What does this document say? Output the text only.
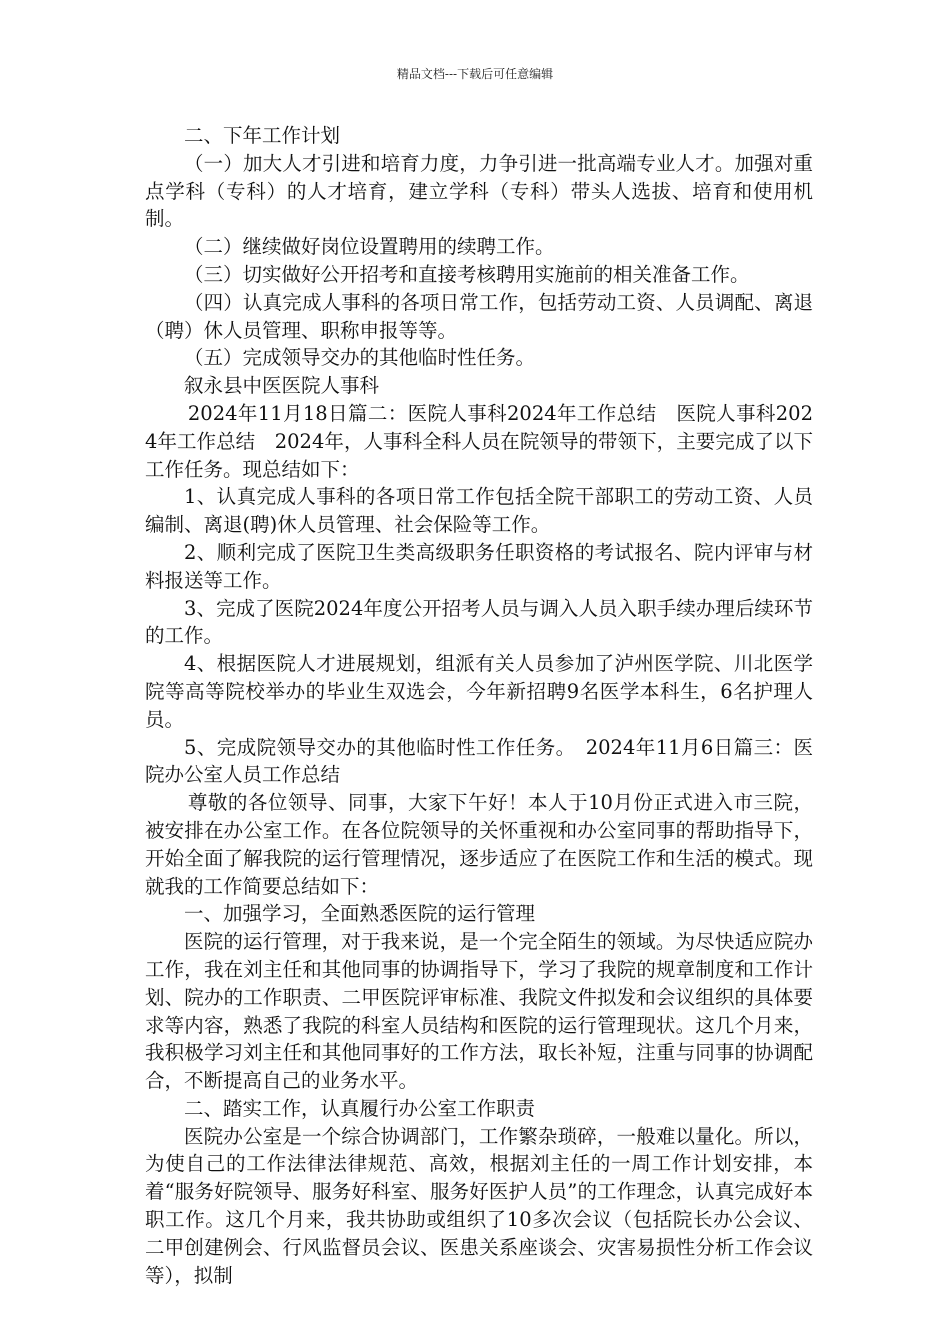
精品文档---下载后可任意编辑

二、下年工作计划

（一）加大人才引进和培育力度，力争引进一批高端专业人才。加强对重点学科（专科）的人才培育，建立学科（专科）带头人选拔、培育和使用机制。

（二）继续做好岗位设置聘用的续聘工作。

（三）切实做好公开招考和直接考核聘用实施前的相关准备工作。

（四）认真完成人事科的各项日常工作，包括劳动工资、人员调配、离退（聘）休人员管理、职称申报等等。

（五）完成领导交办的其他临时性任务。

叙永县中医医院人事科

2024年11月18日篇二：医院人事科2024年工作总结　医院人事科2024年工作总结　2024年，人事科全科人员在院领导的带领下，主要完成了以下工作任务。现总结如下：

1、认真完成人事科的各项日常工作包括全院干部职工的劳动工资、人员编制、离退(聘)休人员管理、社会保险等工作。

2、顺利完成了医院卫生类高级职务任职资格的考试报名、院内评审与材料报送等工作。

3、完成了医院2024年度公开招考人员与调入人员入职手续办理后续环节的工作。

4、根据医院人才进展规划，组派有关人员参加了泸州医学院、川北医学院等高等院校举办的毕业生双选会，今年新招聘9名医学本科生，6名护理人员。

5、完成院领导交办的其他临时性工作任务。　2024年11月6日篇三：医院办公室人员工作总结

尊敬的各位领导、同事，大家下午好！本人于10月份正式进入市三院，被安排在办公室工作。在各位院领导的关怀重视和办公室同事的帮助指导下，开始全面了解我院的运行管理情况，逐步适应了在医院工作和生活的模式。现就我的工作简要总结如下：

一、加强学习，全面熟悉医院的运行管理

医院的运行管理，对于我来说，是一个完全陌生的领域。为尽快适应院办工作，我在刘主任和其他同事的协调指导下，学习了我院的规章制度和工作计划、院办的工作职责、二甲医院评审标准、我院文件拟发和会议组织的具体要求等内容，熟悉了我院的科室人员结构和医院的运行管理现状。这几个月来，我积极学习刘主任和其他同事好的工作方法，取长补短，注重与同事的协调配合，不断提高自己的业务水平。

二、踏实工作，认真履行办公室工作职责

医院办公室是一个综合协调部门，工作繁杂琐碎，一般难以量化。所以，为使自己的工作法律法律规范、高效，根据刘主任的一周工作计划安排，本着“服务好院领导、服务好科室、服务好医护人员”的工作理念，认真完成好本职工作。这几个月来，我共协助或组织了10多次会议（包括院长办公会议、二甲创建例会、行风监督员会议、医患关系座谈会、灾害易损性分析工作会议等），拟制
